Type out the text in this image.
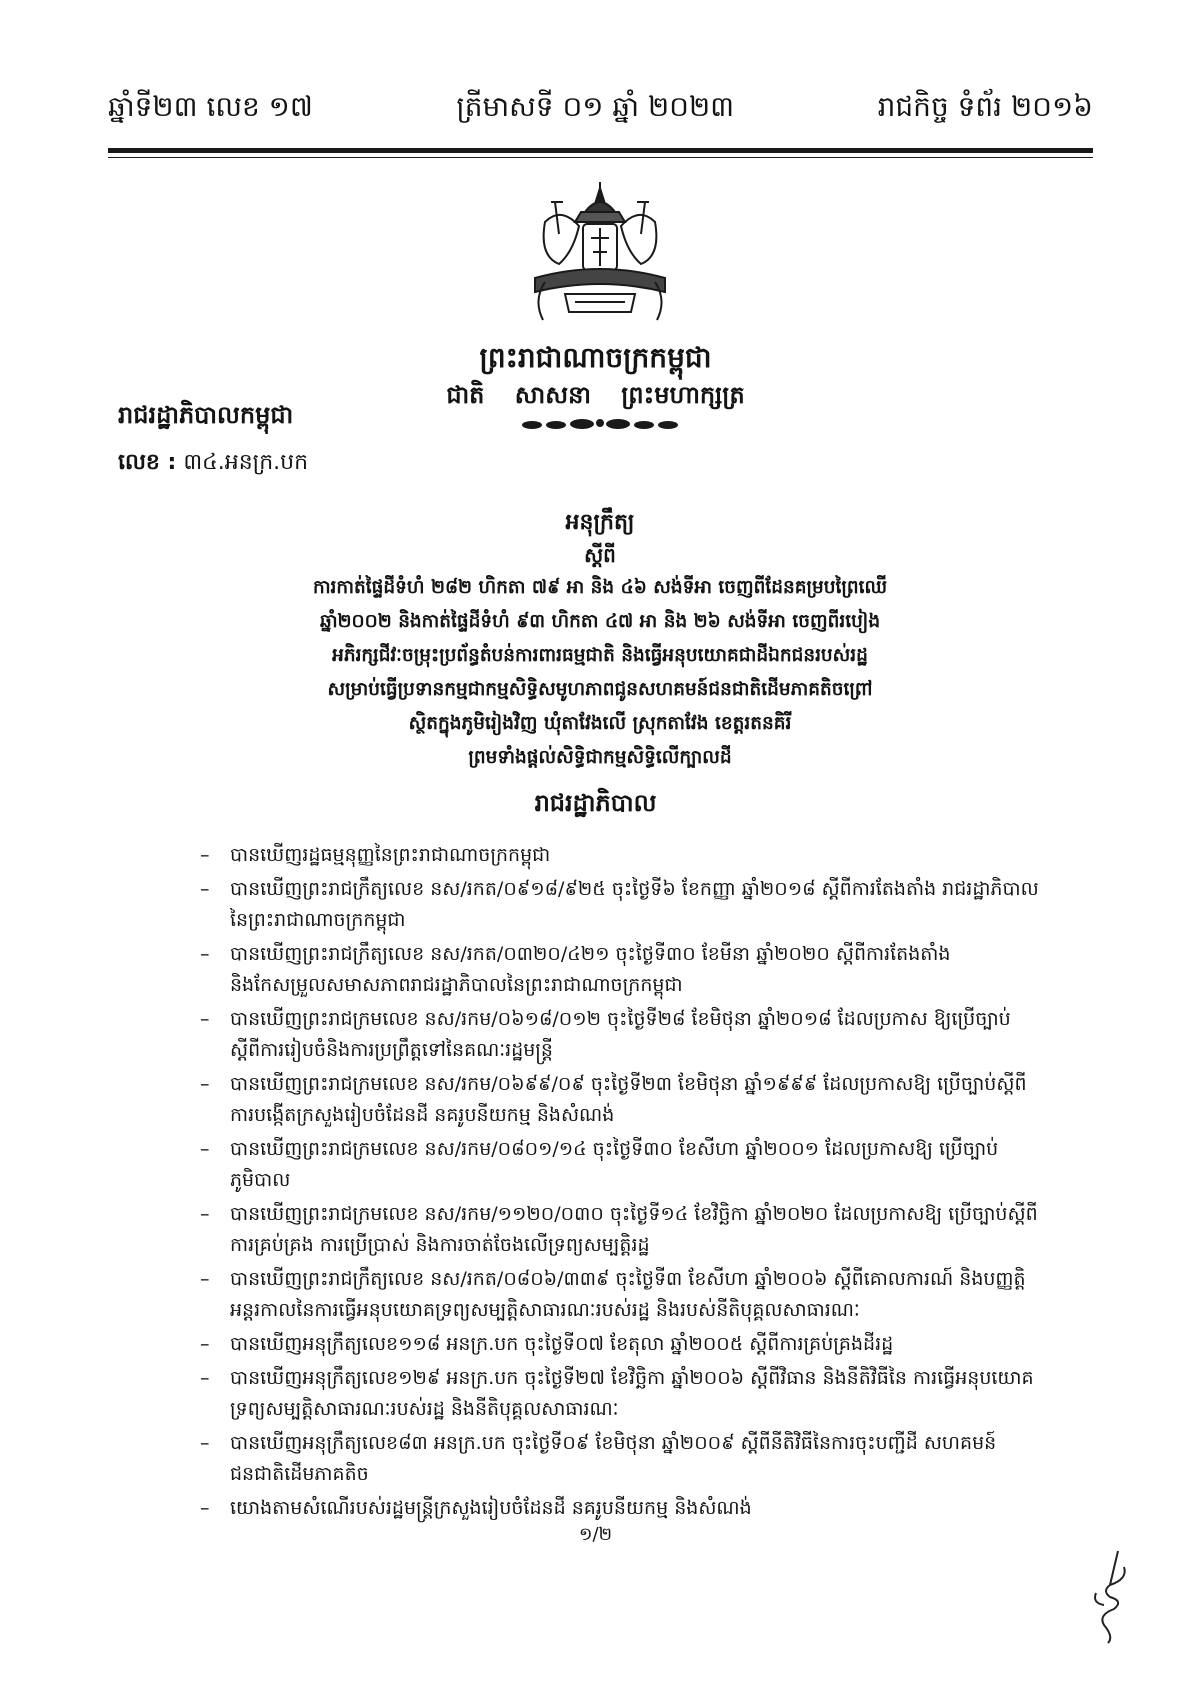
ឆ្នាំទី២៣ លេខ ១៧	ត្រីមាសទី ០១ ឆ្នាំ ២០២៣	រាជកិច្ច ទំព័រ ២០១៦
ព្រះរាជាណាចក្រកម្ពុជា
ជាតិ សាសនា ព្រះមហាក្សត្រ
រាជរដ្ឋាភិបាលកម្ពុជា
លេខ : ៣៤.អនក្រ.បក
អនុក្រឹត្យ
ស្ដីពី
ការកាត់ផ្ទៃដីទំហំ ២៨២ ហិកតា ៧៩ អា និង ៤៦ សង់ទីអា ចេញពីដែនគម្របព្រៃឈើ
ឆ្នាំ២០០២ និងកាត់ផ្ទៃដីទំហំ ៩៣ ហិកតា ៤៧ អា និង ២៦ សង់ទីអា ចេញពីរបៀង
អភិរក្សជីវៈចម្រុះប្រព័ន្ធតំបន់ការពារធម្មជាតិ និងធ្វើអនុបយោគជាដីឯកជនរបស់រដ្ឋ
សម្រាប់ធ្វើប្រទានកម្មជាកម្មសិទ្ធិសមូហភាពជូនសហគមន៍ជនជាតិដើមភាគតិចព្រៅ
ស្ថិតក្នុងភូមិរៀងវិញ ឃុំតាវែងលើ ស្រុកតាវែង ខេត្តរតនគិរី
ព្រមទាំងផ្តល់សិទ្ធិជាកម្មសិទ្ធិលើក្បាលដី
រាជរដ្ឋាភិបាល
– បានឃើញរដ្ឋធម្មនុញ្ញនៃព្រះរាជាណាចក្រកម្ពុជា
– បានឃើញព្រះរាជក្រឹត្យលេខ នស/រកត/០៩១៨/៩២៥ ចុះថ្ងៃទី៦ ខែកញ្ញា ឆ្នាំ២០១៨ ស្តីពីការតែងតាំង រាជរដ្ឋាភិបាលនៃព្រះរាជាណាចក្រកម្ពុជា
– បានឃើញព្រះរាជក្រឹត្យលេខ នស/រកត/០៣២០/៤២១ ចុះថ្ងៃទី៣០ ខែមីនា ឆ្នាំ២០២០ ស្តីពីការតែងតាំង និងកែសម្រួលសមាសភាពរាជរដ្ឋាភិបាលនៃព្រះរាជាណាចក្រកម្ពុជា
– បានឃើញព្រះរាជក្រមលេខ នស/រកម/០៦១៨/០១២ ចុះថ្ងៃទី២៨ ខែមិថុនា ឆ្នាំ២០១៨ ដែលប្រកាស ឱ្យប្រើច្បាប់ស្តីពីការរៀបចំនិងការប្រព្រឹត្តទៅនៃគណៈរដ្ឋមន្ត្រី
– បានឃើញព្រះរាជក្រមលេខ នស/រកម/០៦៩៩/០៩ ចុះថ្ងៃទី២៣ ខែមិថុនា ឆ្នាំ១៩៩៩ ដែលប្រកាសឱ្យ ប្រើច្បាប់ស្តីពីការបង្កើតក្រសួងរៀបចំដែនដី នគរូបនីយកម្ម និងសំណង់
– បានឃើញព្រះរាជក្រមលេខ នស/រកម/០៨០១/១៤ ចុះថ្ងៃទី៣០ ខែសីហា ឆ្នាំ២០០១ ដែលប្រកាសឱ្យ ប្រើច្បាប់ភូមិបាល
– បានឃើញព្រះរាជក្រមលេខ នស/រកម/១១២០/០៣០ ចុះថ្ងៃទី១៤ ខែវិច្ឆិកា ឆ្នាំ២០២០ ដែលប្រកាសឱ្យ ប្រើច្បាប់ស្តីពីការគ្រប់គ្រង ការប្រើប្រាស់ និងការចាត់ចែងលើទ្រព្យសម្បត្តិរដ្ឋ
– បានឃើញព្រះរាជក្រឹត្យលេខ នស/រកត/០៨០៦/៣៣៩ ចុះថ្ងៃទី៣ ខែសីហា ឆ្នាំ២០០៦ ស្តីពីគោលការណ៍ និងបញ្ញត្តិអន្តរកាលនៃការធ្វើអនុបយោគទ្រព្យសម្បត្តិសាធារណៈរបស់រដ្ឋ និងរបស់នីតិបុគ្គលសាធារណៈ
– បានឃើញអនុក្រឹត្យលេខ១១៨ អនក្រ.បក ចុះថ្ងៃទី០៧ ខែតុលា ឆ្នាំ២០០៥ ស្តីពីការគ្រប់គ្រងដីរដ្ឋ
– បានឃើញអនុក្រឹត្យលេខ១២៩ អនក្រ.បក ចុះថ្ងៃទី២៧ ខែវិច្ឆិកា ឆ្នាំ២០០៦ ស្តីពីវិធាន និងនីតិវិធីនៃ ការធ្វើអនុបយោគទ្រព្យសម្បត្តិសាធារណៈរបស់រដ្ឋ និងនីតិបុគ្គលសាធារណៈ
– បានឃើញអនុក្រឹត្យលេខ៨៣ អនក្រ.បក ចុះថ្ងៃទី០៩ ខែមិថុនា ឆ្នាំ២០០៩ ស្តីពីនីតិវិធីនៃការចុះបញ្ជីដី សហគមន៍ជនជាតិដើមភាគតិច
– យោងតាមសំណើរបស់រដ្ឋមន្ត្រីក្រសួងរៀបចំដែនដី នគរូបនីយកម្ម និងសំណង់
១/២
